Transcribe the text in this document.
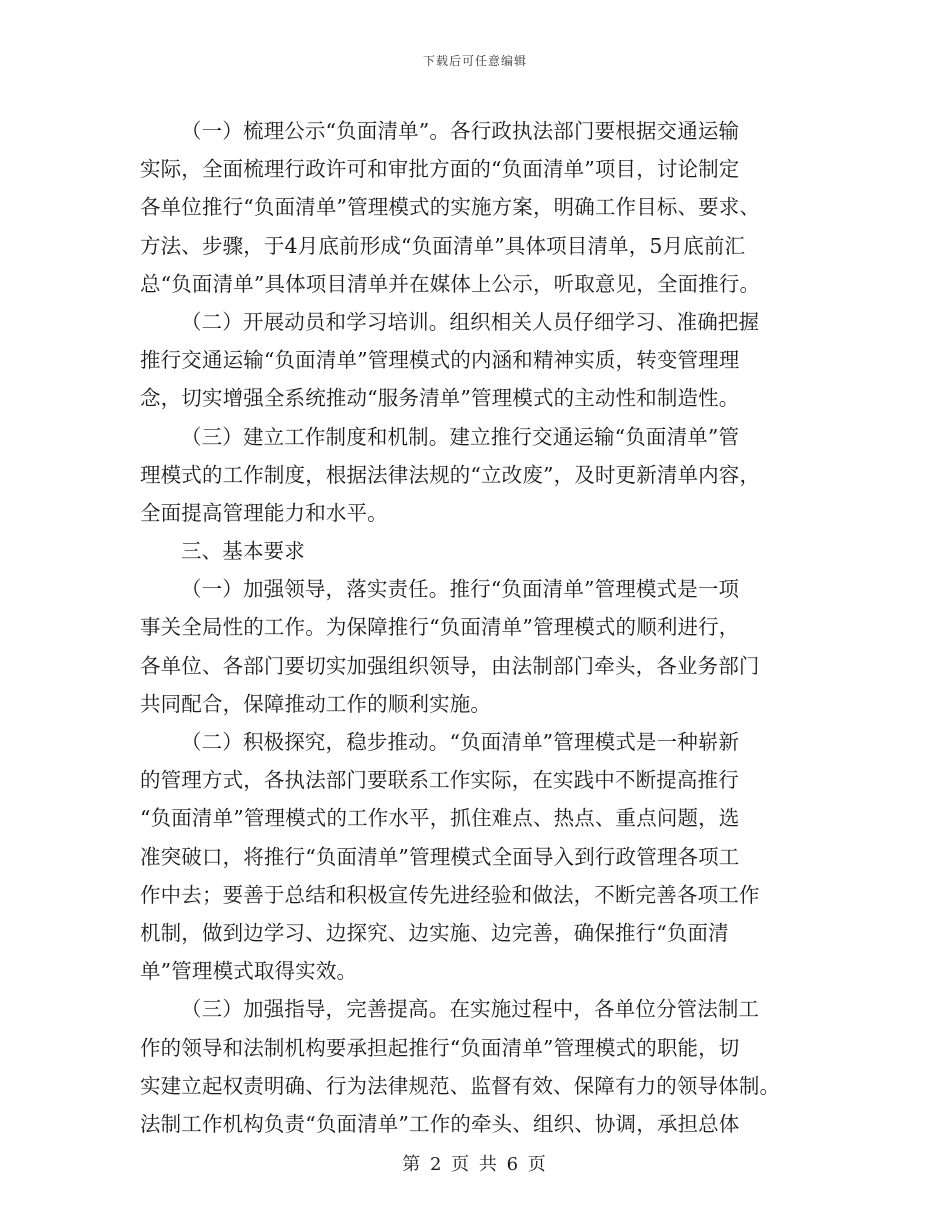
下载后可任意编辑
（一）梳理公示“负面清单”。各行政执法部门要根据交通运输
实际，全面梳理行政许可和审批方面的“负面清单”项目，讨论制定
各单位推行“负面清单”管理模式的实施方案，明确工作目标、要求、
方法、步骤，于4月底前形成“负面清单”具体项目清单，5月底前汇
总“负面清单”具体项目清单并在媒体上公示，听取意见，全面推行。
（二）开展动员和学习培训。组织相关人员仔细学习、准确把握
推行交通运输“负面清单”管理模式的内涵和精神实质，转变管理理
念，切实增强全系统推动“服务清单”管理模式的主动性和制造性。
（三）建立工作制度和机制。建立推行交通运输“负面清单”管
理模式的工作制度，根据法律法规的“立改废”，及时更新清单内容，
全面提高管理能力和水平。
三、基本要求
（一）加强领导，落实责任。推行“负面清单”管理模式是一项
事关全局性的工作。为保障推行“负面清单”管理模式的顺利进行，
各单位、各部门要切实加强组织领导，由法制部门牵头，各业务部门
共同配合，保障推动工作的顺利实施。
（二）积极探究，稳步推动。“负面清单”管理模式是一种崭新
的管理方式，各执法部门要联系工作实际，在实践中不断提高推行
“负面清单”管理模式的工作水平，抓住难点、热点、重点问题，选
准突破口，将推行“负面清单”管理模式全面导入到行政管理各项工
作中去；要善于总结和积极宣传先进经验和做法，不断完善各项工作
机制，做到边学习、边探究、边实施、边完善，确保推行“负面清
单”管理模式取得实效。
（三）加强指导，完善提高。在实施过程中，各单位分管法制工
作的领导和法制机构要承担起推行“负面清单”管理模式的职能，切
实建立起权责明确、行为法律规范、监督有效、保障有力的领导体制。
法制工作机构负责“负面清单”工作的牵头、组织、协调，承担总体
第 2 页 共 6 页
